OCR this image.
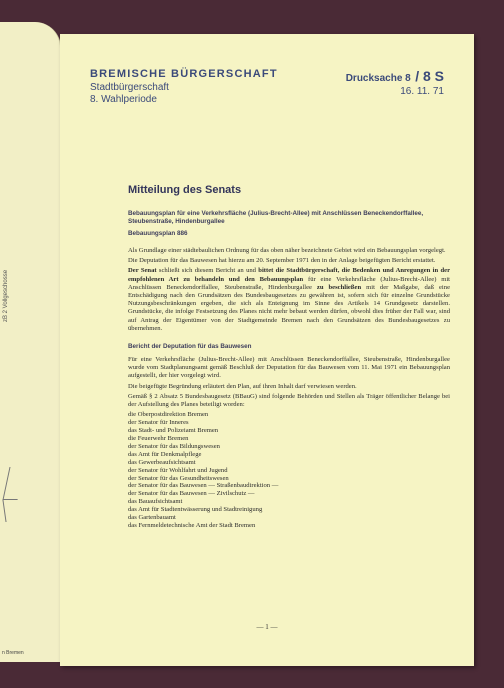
zB 2 Vollgeschosse
n Bremen
BREMISCHE BÜRGERSCHAFT
Stadtbürgerschaft
8. Wahlperiode
Drucksache 8 / 8 S
16. 11. 71
Mitteilung des Senats
Bebauungsplan für eine Verkehrsfläche (Julius-Brecht-Allee) mit Anschlüssen Beneckendorffallee, Steubenstraße, Hindenburgallee
Bebauungsplan 886

Als Grundlage einer städtebaulichen Ordnung für das oben näher bezeichnete Gebiet wird ein Bebauungsplan vorgelegt.

Die Deputation für das Bauwesen hat hierzu am 20. September 1971 den in der Anlage beigefügten Bericht erstattet.

Der Senat schließt sich diesem Bericht an und bittet die Stadtbürgerschaft, die Bedenken und Anregungen in der empfohlenen Art zu behandeln und den Bebauungsplan für eine Verkehrsfläche (Julius-Brecht-Allee) mit Anschlüssen Beneckendorffallee, Steubenstraße, Hindenburgallee zu beschließen mit der Maßgabe, daß eine Entschädigung nach den Grundsätzen des Bundesbaugesetzes zu gewähren ist, sofern sich für einzelne Grundstücke Nutzungsbeschränkungen ergeben, die sich als Enteignung im Sinne des Artikels 14 Grundgesetz darstellen. Grundstücke, die infolge Festsetzung des Planes nicht mehr bebaut werden dürfen, obwohl dies früher der Fall war, sind auf Antrag der Eigentümer von der Stadtgemeinde Bremen nach den Grundsätzen des Bundesbaugesetzes zu übernehmen.

Bericht der Deputation für das Bauwesen

Für eine Verkehrsfläche (Julius-Brecht-Allee) mit Anschlüssen Beneckendorffallee, Steubenstraße, Hindenburgallee wurde vom Stadtplanungsamt gemäß Beschluß der Deputation für das Bauwesen vom 11. Mai 1971 ein Bebauungsplan aufgestellt, der hier vorgelegt wird.

Die beigefügte Begründung erläutert den Plan, auf ihren Inhalt darf verwiesen werden.

Gemäß § 2 Absatz 5 Bundesbaugesetz (BBauG) sind folgende Behörden und Stellen als Träger öffentlicher Belange bei der Aufstellung des Planes beteiligt worden:

die Oberpostdirektion Bremen
der Senator für Inneres
das Stadt- und Polizeiamt Bremen
die Feuerwehr Bremen
der Senator für das Bildungswesen
das Amt für Denkmalpflege
das Gewerbeaufsichtsamt
der Senator für Wohlfahrt und Jugend
der Senator für das Gesundheitswesen
der Senator für das Bauwesen — Straßenbaudirektion —
der Senator für das Bauwesen — Zivilschutz —
das Bauaufsichtsamt
das Amt für Stadtentwässerung und Stadtreinigung
das Gartenbauamt
das Fernmeldetechnische Amt der Stadt Bremen
— 1 —
